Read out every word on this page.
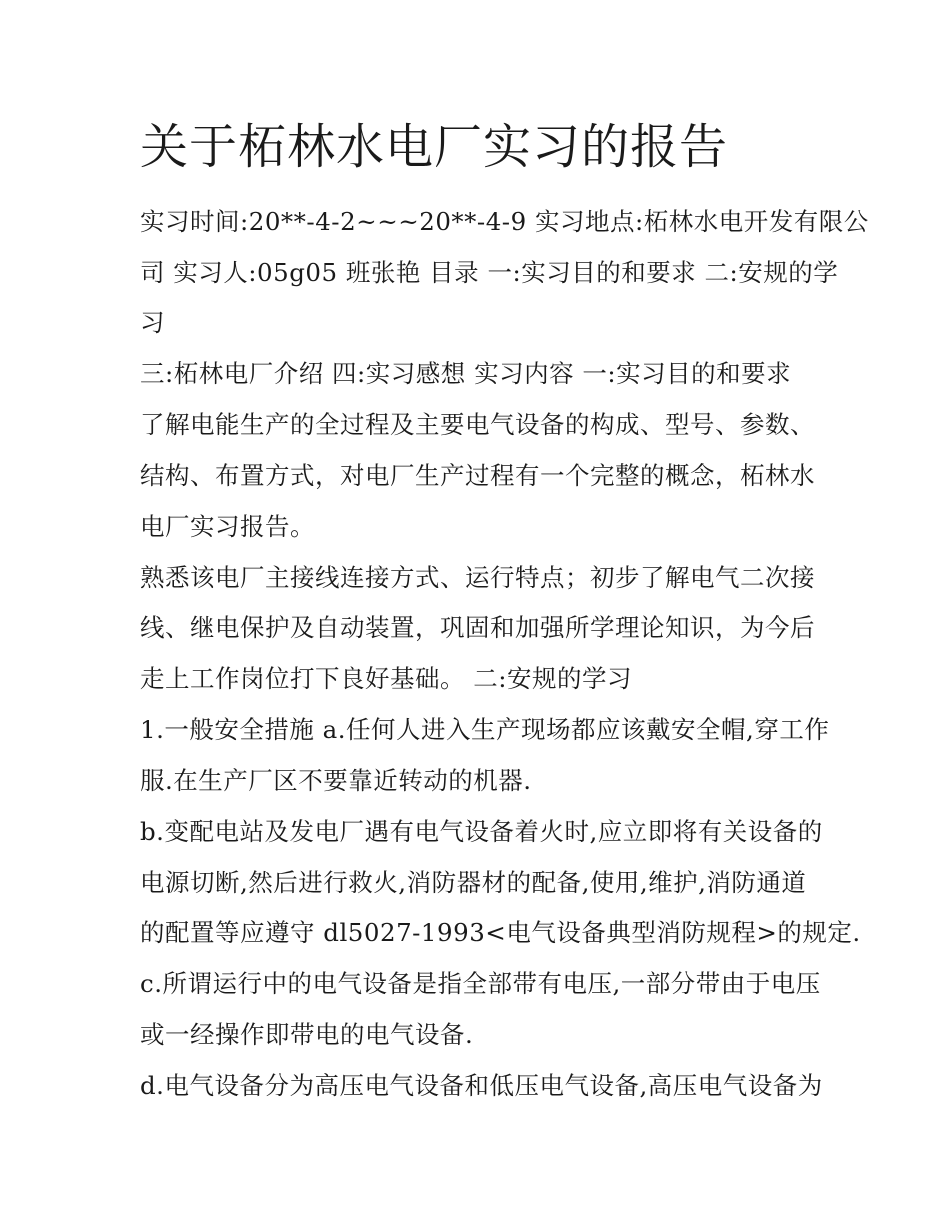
关于柘林水电厂实习的报告
实习时间:20**-4-2~~~20**-4-9 实习地点:柘林水电开发有限公
司 实习人:05g05 班张艳 目录 一:实习目的和要求 二:安规的学
习
三:柘林电厂介绍 四:实习感想 实习内容 一:实习目的和要求
了解电能生产的全过程及主要电气设备的构成、型号、参数、
结构、布置方式，对电厂生产过程有一个完整的概念，柘林水
电厂实习报告。
熟悉该电厂主接线连接方式、运行特点；初步了解电气二次接
线、继电保护及自动装置，巩固和加强所学理论知识，为今后
走上工作岗位打下良好基础。 二:安规的学习
1.一般安全措施 a.任何人进入生产现场都应该戴安全帽,穿工作
服.在生产厂区不要靠近转动的机器.
b.变配电站及发电厂遇有电气设备着火时,应立即将有关设备的
电源切断,然后进行救火,消防器材的配备,使用,维护,消防通道
的配置等应遵守 dl5027-1993<电气设备典型消防规程>的规定.
c.所谓运行中的电气设备是指全部带有电压,一部分带由于电压
或一经操作即带电的电气设备.
d.电气设备分为高压电气设备和低压电气设备,高压电气设备为
